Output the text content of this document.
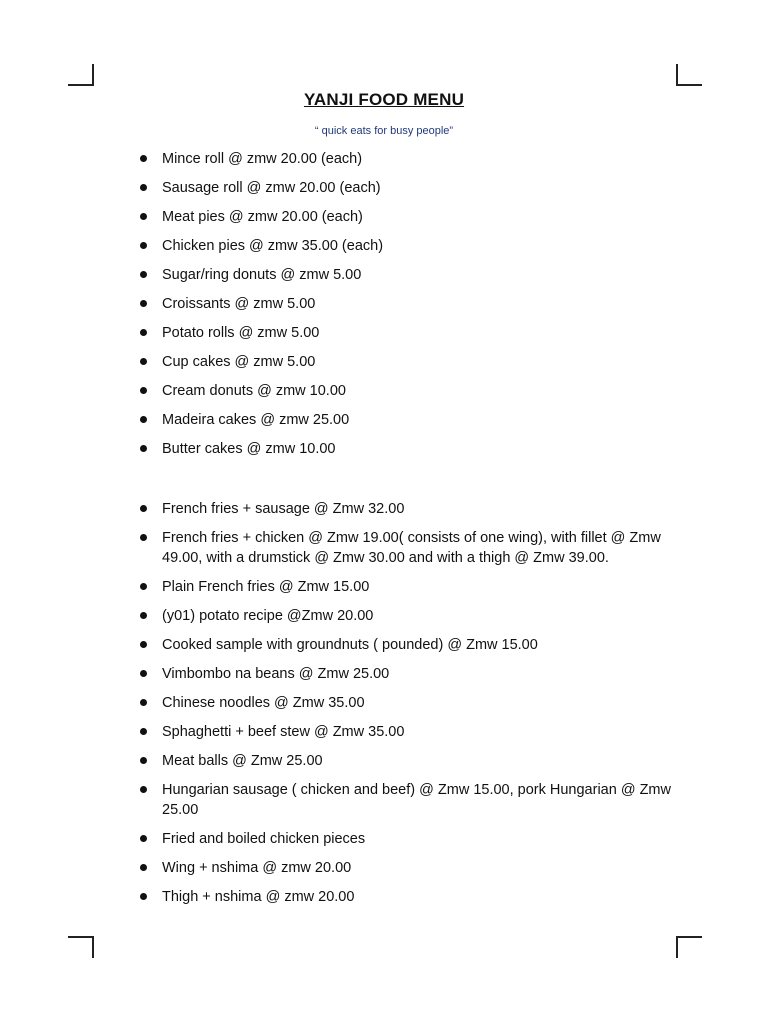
YANJI FOOD MENU
“ quick eats for busy people”
Mince roll @ zmw 20.00 (each)
Sausage roll @ zmw 20.00 (each)
Meat pies @ zmw 20.00 (each)
Chicken pies @ zmw 35.00 (each)
Sugar/ring donuts @ zmw 5.00
Croissants @ zmw 5.00
Potato rolls @ zmw 5.00
Cup cakes @ zmw 5.00
Cream donuts @ zmw 10.00
Madeira cakes @ zmw 25.00
Butter cakes @ zmw 10.00
French fries + sausage @ Zmw 32.00
French fries + chicken @ Zmw 19.00( consists of one wing), with fillet @ Zmw 49.00, with a drumstick @ Zmw 30.00 and with a thigh @ Zmw 39.00.
Plain French fries @ Zmw 15.00
(y01) potato recipe @Zmw 20.00
Cooked sample with groundnuts ( pounded) @ Zmw 15.00
Vimbombo na beans @ Zmw 25.00
Chinese noodles @ Zmw 35.00
Sphaghetti + beef stew @ Zmw 35.00
Meat balls @ Zmw 25.00
Hungarian sausage ( chicken and beef) @ Zmw 15.00, pork Hungarian @ Zmw 25.00
Fried and boiled chicken pieces
Wing + nshima @ zmw 20.00
Thigh + nshima @ zmw 20.00
